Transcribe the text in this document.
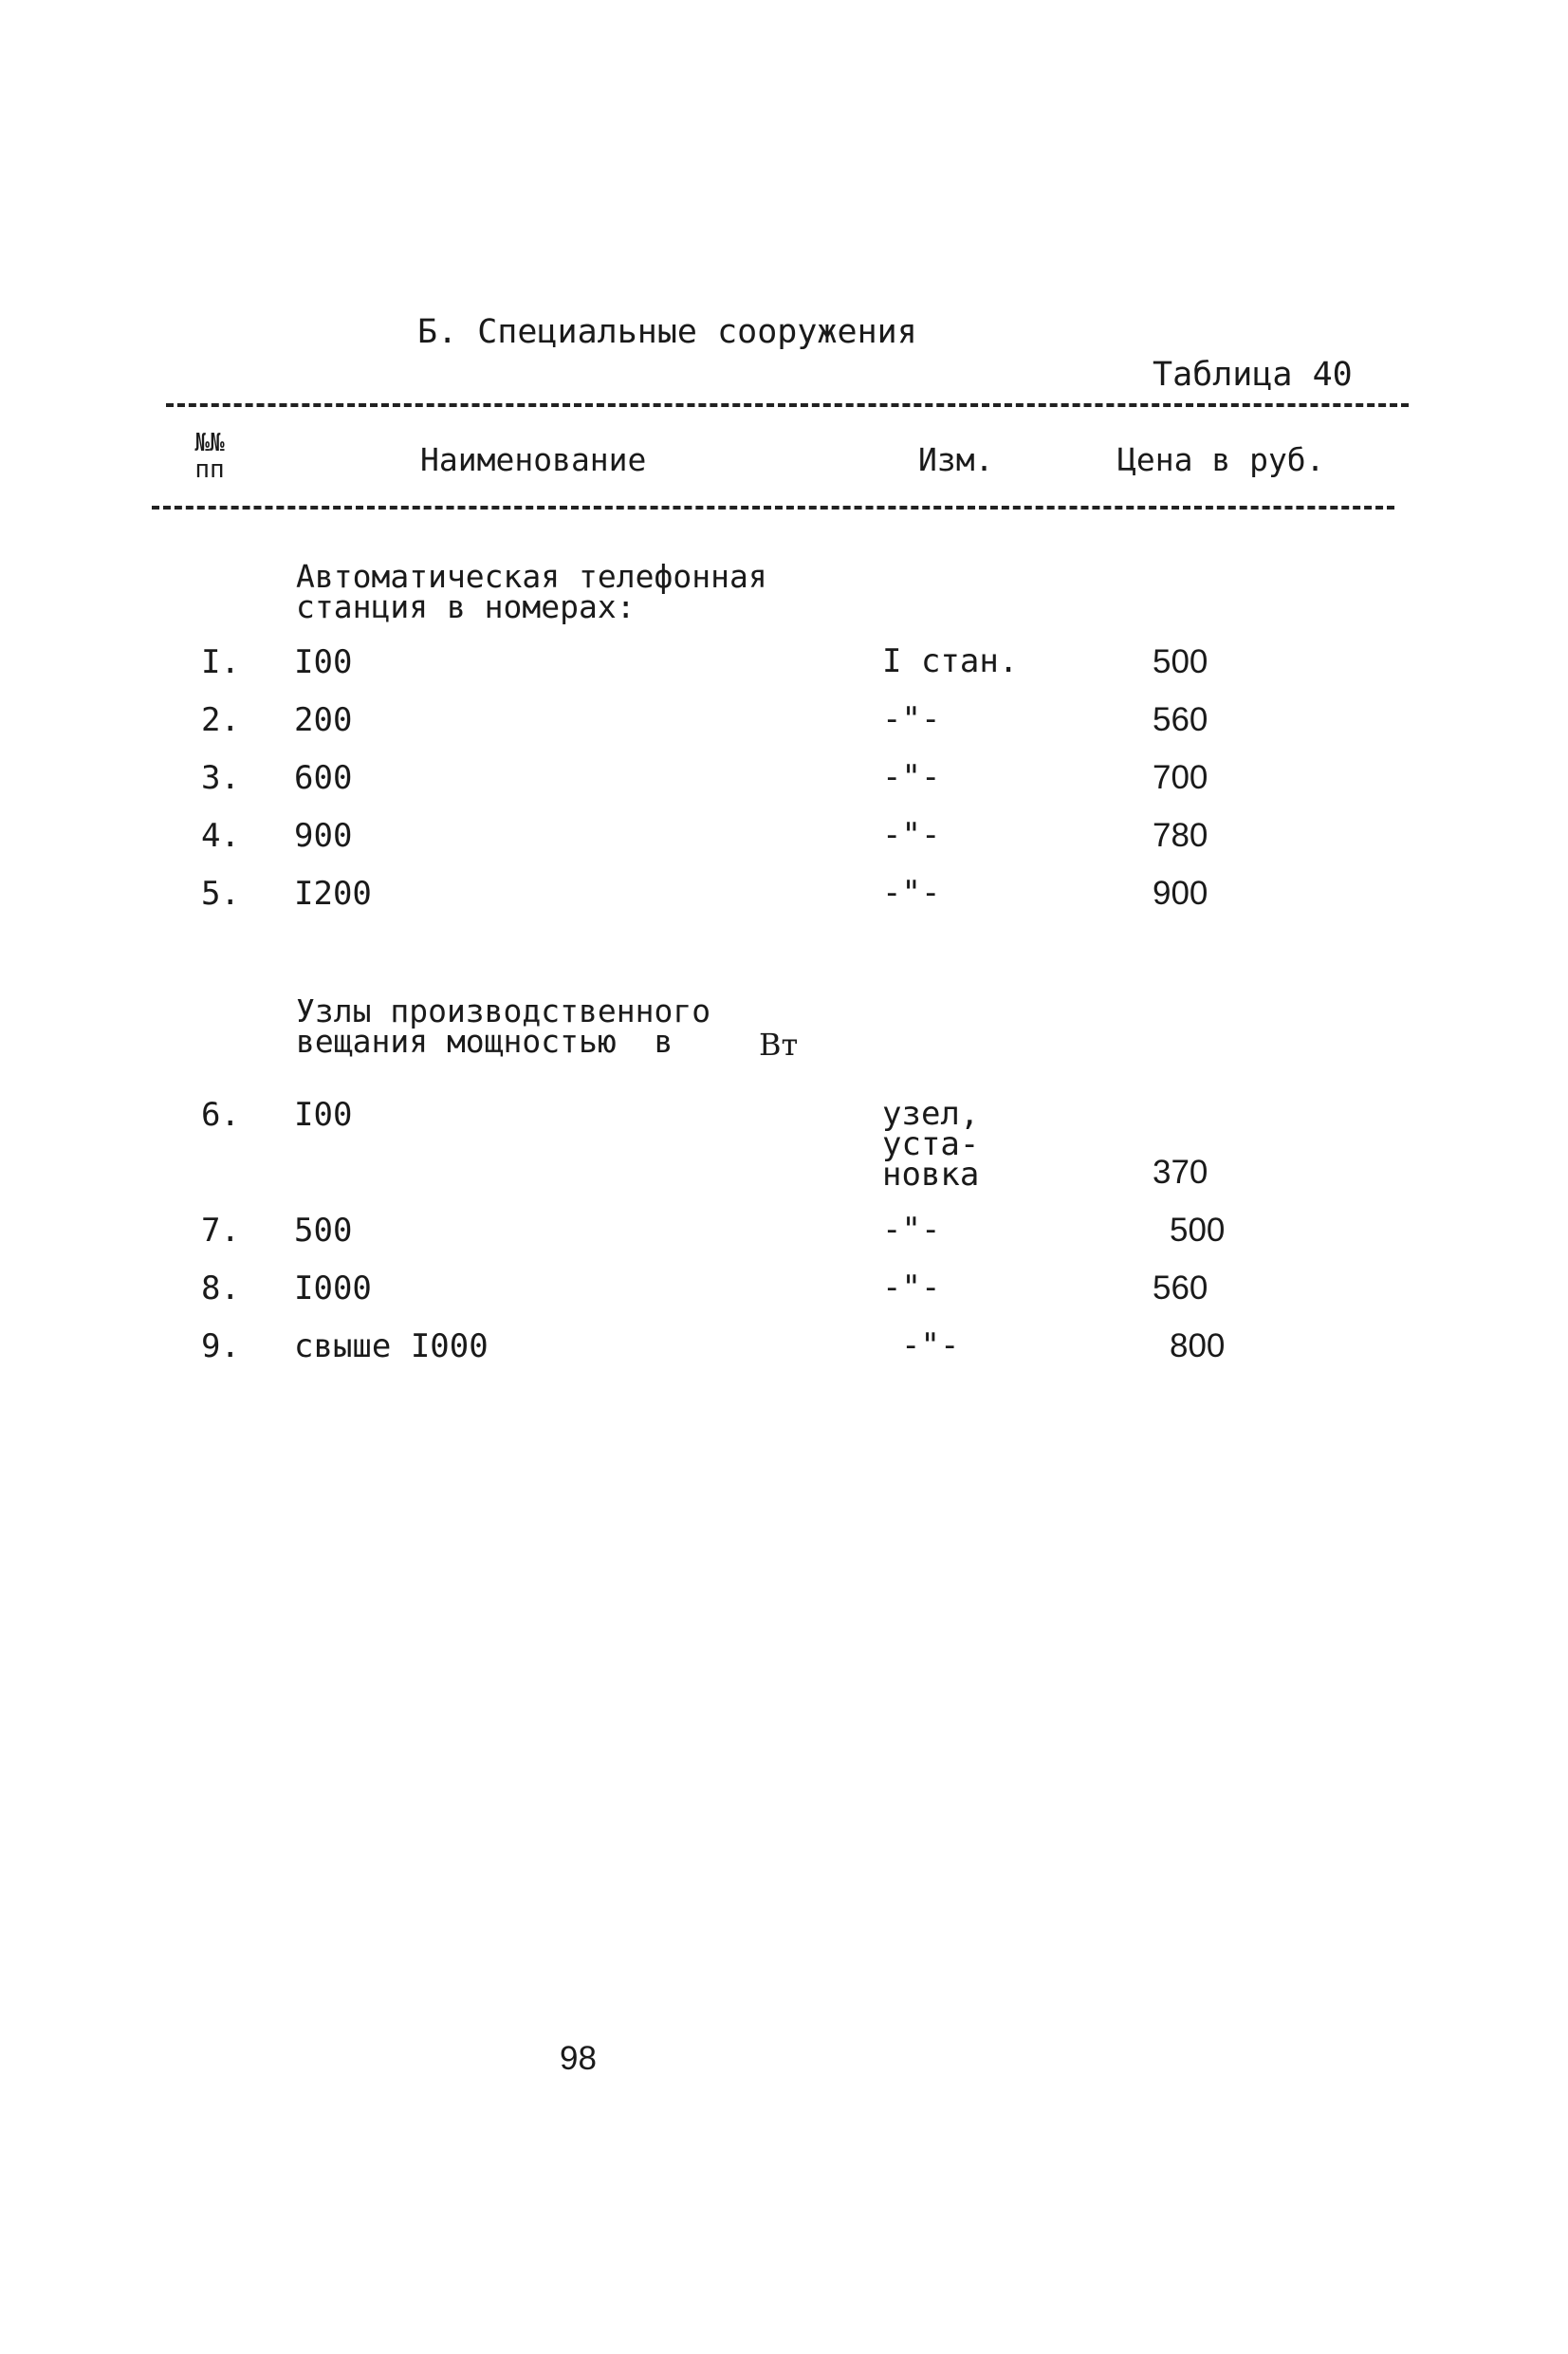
Б. Специальные сооружения
Таблица 40
№№ пп	Наименование	Изм.	Цена в руб.
Автоматическая телефонная
станция в номерах:
I. I00	I стан.	500
2. 200	-"-	560
3. 600	-"-	700
4. 900	-"-	780
5. I200	-"-	900
Узлы производственного
вещания мощностью  в	Вт
6. I00	узел,
уста-
новка	370
7. 500	-"-	500
8. I000	-"-	560
9. свыше I000	-"-	800
98
